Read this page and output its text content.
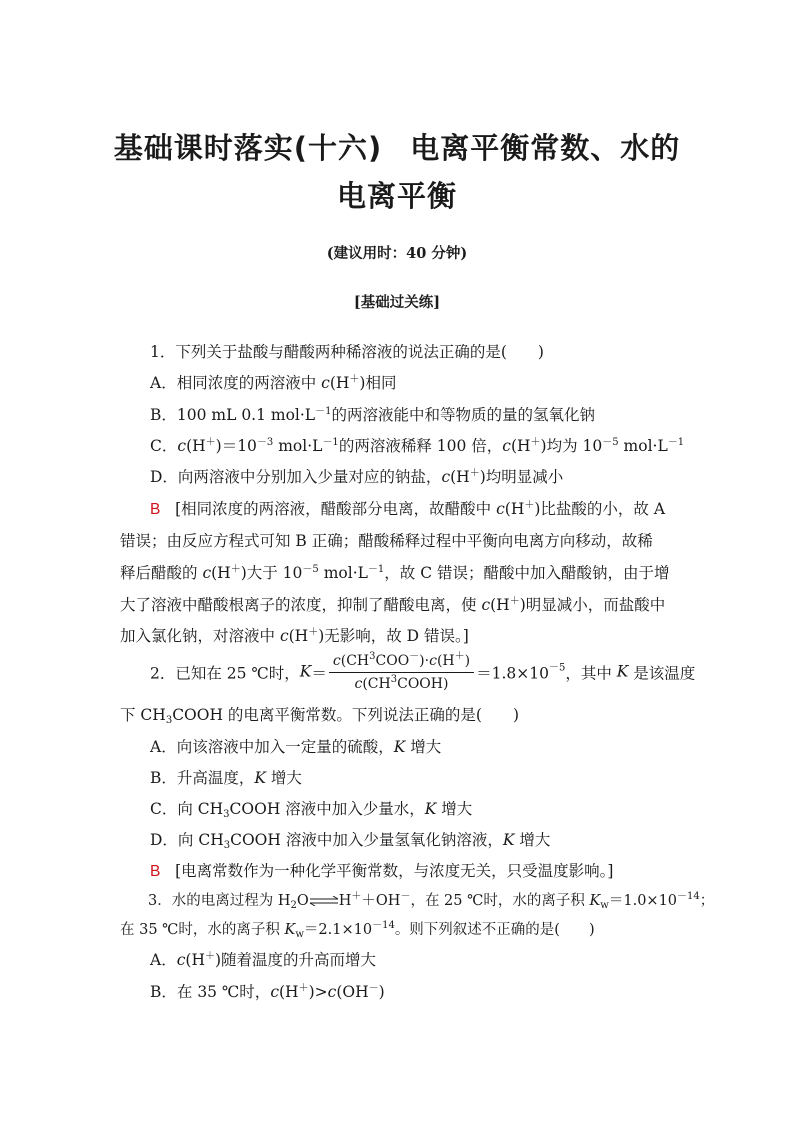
基础课时落实(十六) 电离平衡常数、水的
电离平衡
(建议用时：40 分钟)
[基础过关练]
1．下列关于盐酸与醋酸两种稀溶液的说法正确的是(　　)
A．相同浓度的两溶液中 c(H＋)相同
B．100 mL 0.1 $mol\cdot L^{-1}$的两溶液能中和等物质的量的氢氧化钠
C．$c(H^+)=10^{-3}$ $mol\cdot L^{-1}$的两溶液稀释 100 倍，c(H＋)均为 $10^{-5}$ $mol\cdot L^{-1}$
D．向两溶液中分别加入少量对应的钠盐，c(H＋)均明显减小
B [相同浓度的两溶液，醋酸部分电离，故醋酸中 c(H＋)比盐酸的小，故 A
错误；由反应方程式可知 B 正确；醋酸稀释过程中平衡向电离方向移动，故稀
释后醋酸的 c(H＋)大于 $10^{-5}$ $mol\cdot L^{-1}$，故 C 错误；醋酸中加入醋酸钠，由于增
大了溶液中醋酸根离子的浓度，抑制了醋酸电离，使 c(H＋)明显减小，而盐酸中
加入氯化钠，对溶液中 c(H＋)无影响，故 D 错误。]
2．已知在 25 ℃时，$K= \frac{c(CH^3COO^-)\cdot c(H^+)}{c(CH^3COOH)} =1.8\times 10^{-5}$，其中 K 是该温度
下 $CH_3COOH$ 的电离平衡常数。下列说法正确的是(　　)
A．向该溶液中加入一定量的硫酸，K 增大
B．升高温度，K 增大
C．向 $CH_3COOH$ 溶液中加入少量水，K 增大
D．向 $CH_3COOH$ 溶液中加入少量氢氧化钠溶液，K 增大
B [电离常数作为一种化学平衡常数，与浓度无关，只受温度影响。]
3．水的电离过程为 $H_2O\rightleftharpoons H^++OH^-$，在 25 ℃时，水的离子积 $K_w=1.0\times 10^{-14}$；
在 35 ℃时，水的离子积 $K_w=2.1\times 10^{-14}$。则下列叙述不正确的是(　　)
A．c(H＋)随着温度的升高而增大
B．在 35 ℃时，c(H＋)>c(OH－)
